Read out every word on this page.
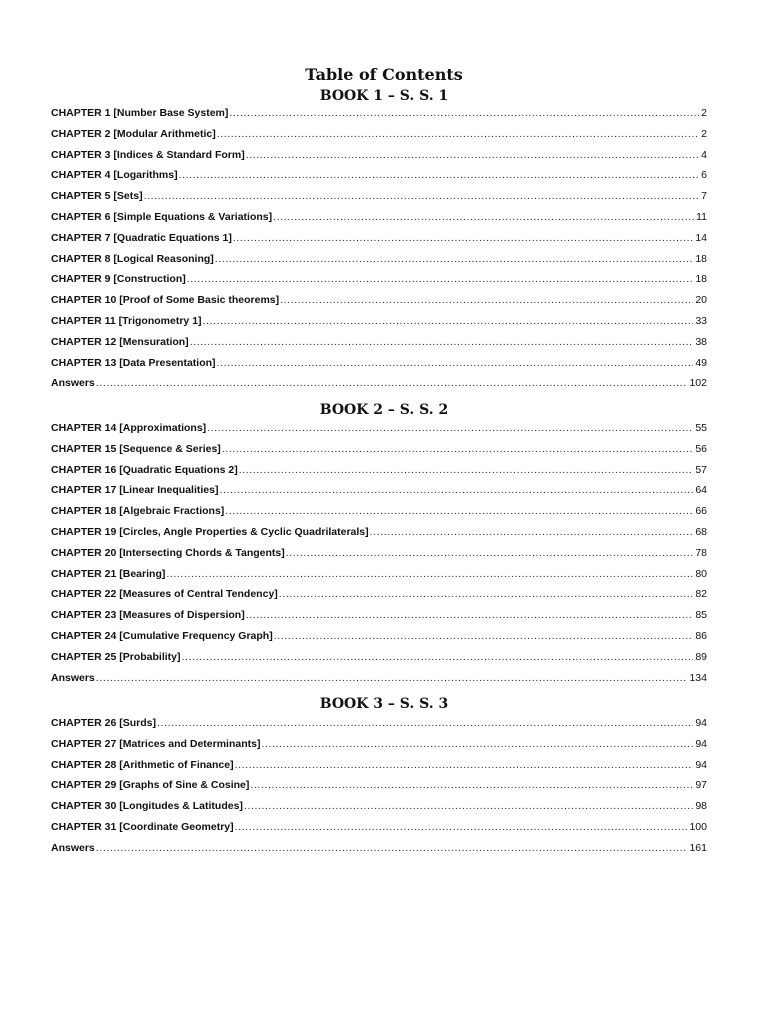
Table of Contents
BOOK 1 – S. S. 1
CHAPTER 1 [Number Base System] .....	2
CHAPTER 2 [Modular Arithmetic] .....	2
CHAPTER 3 [Indices & Standard Form] .....	4
CHAPTER 4 [Logarithms] .....	6
CHAPTER 5 [Sets] .....	7
CHAPTER 6 [Simple Equations & Variations] .....	11
CHAPTER 7 [Quadratic Equations 1] .....	14
CHAPTER 8 [Logical Reasoning] .....	18
CHAPTER 9 [Construction] .....	18
CHAPTER 10 [Proof of Some Basic theorems] .....	20
CHAPTER 11 [Trigonometry 1] .....	33
CHAPTER 12 [Mensuration] .....	38
CHAPTER 13 [Data Presentation] .....	49
Answers .....	102
BOOK 2 – S. S. 2
CHAPTER 14 [Approximations] .....	55
CHAPTER 15 [Sequence & Series] .....	56
CHAPTER 16 [Quadratic Equations 2] .....	57
CHAPTER 17 [Linear Inequalities] .....	64
CHAPTER 18 [Algebraic Fractions] .....	66
CHAPTER 19 [Circles, Angle Properties & Cyclic Quadrilaterals] .....	68
CHAPTER 20 [Intersecting Chords & Tangents] .....	78
CHAPTER 21 [Bearing] .....	80
CHAPTER 22 [Measures of Central Tendency] .....	82
CHAPTER 23 [Measures of Dispersion] .....	85
CHAPTER 24 [Cumulative Frequency Graph] .....	86
CHAPTER 25 [Probability] .....	89
Answers .....	134
BOOK 3 – S. S. 3
CHAPTER 26 [Surds] .....	94
CHAPTER 27 [Matrices and Determinants] .....	94
CHAPTER 28 [Arithmetic of Finance] .....	94
CHAPTER 29 [Graphs of Sine & Cosine] .....	97
CHAPTER 30 [Longitudes & Latitudes] .....	98
CHAPTER 31 [Coordinate Geometry] .....	100
Answers .....	161
